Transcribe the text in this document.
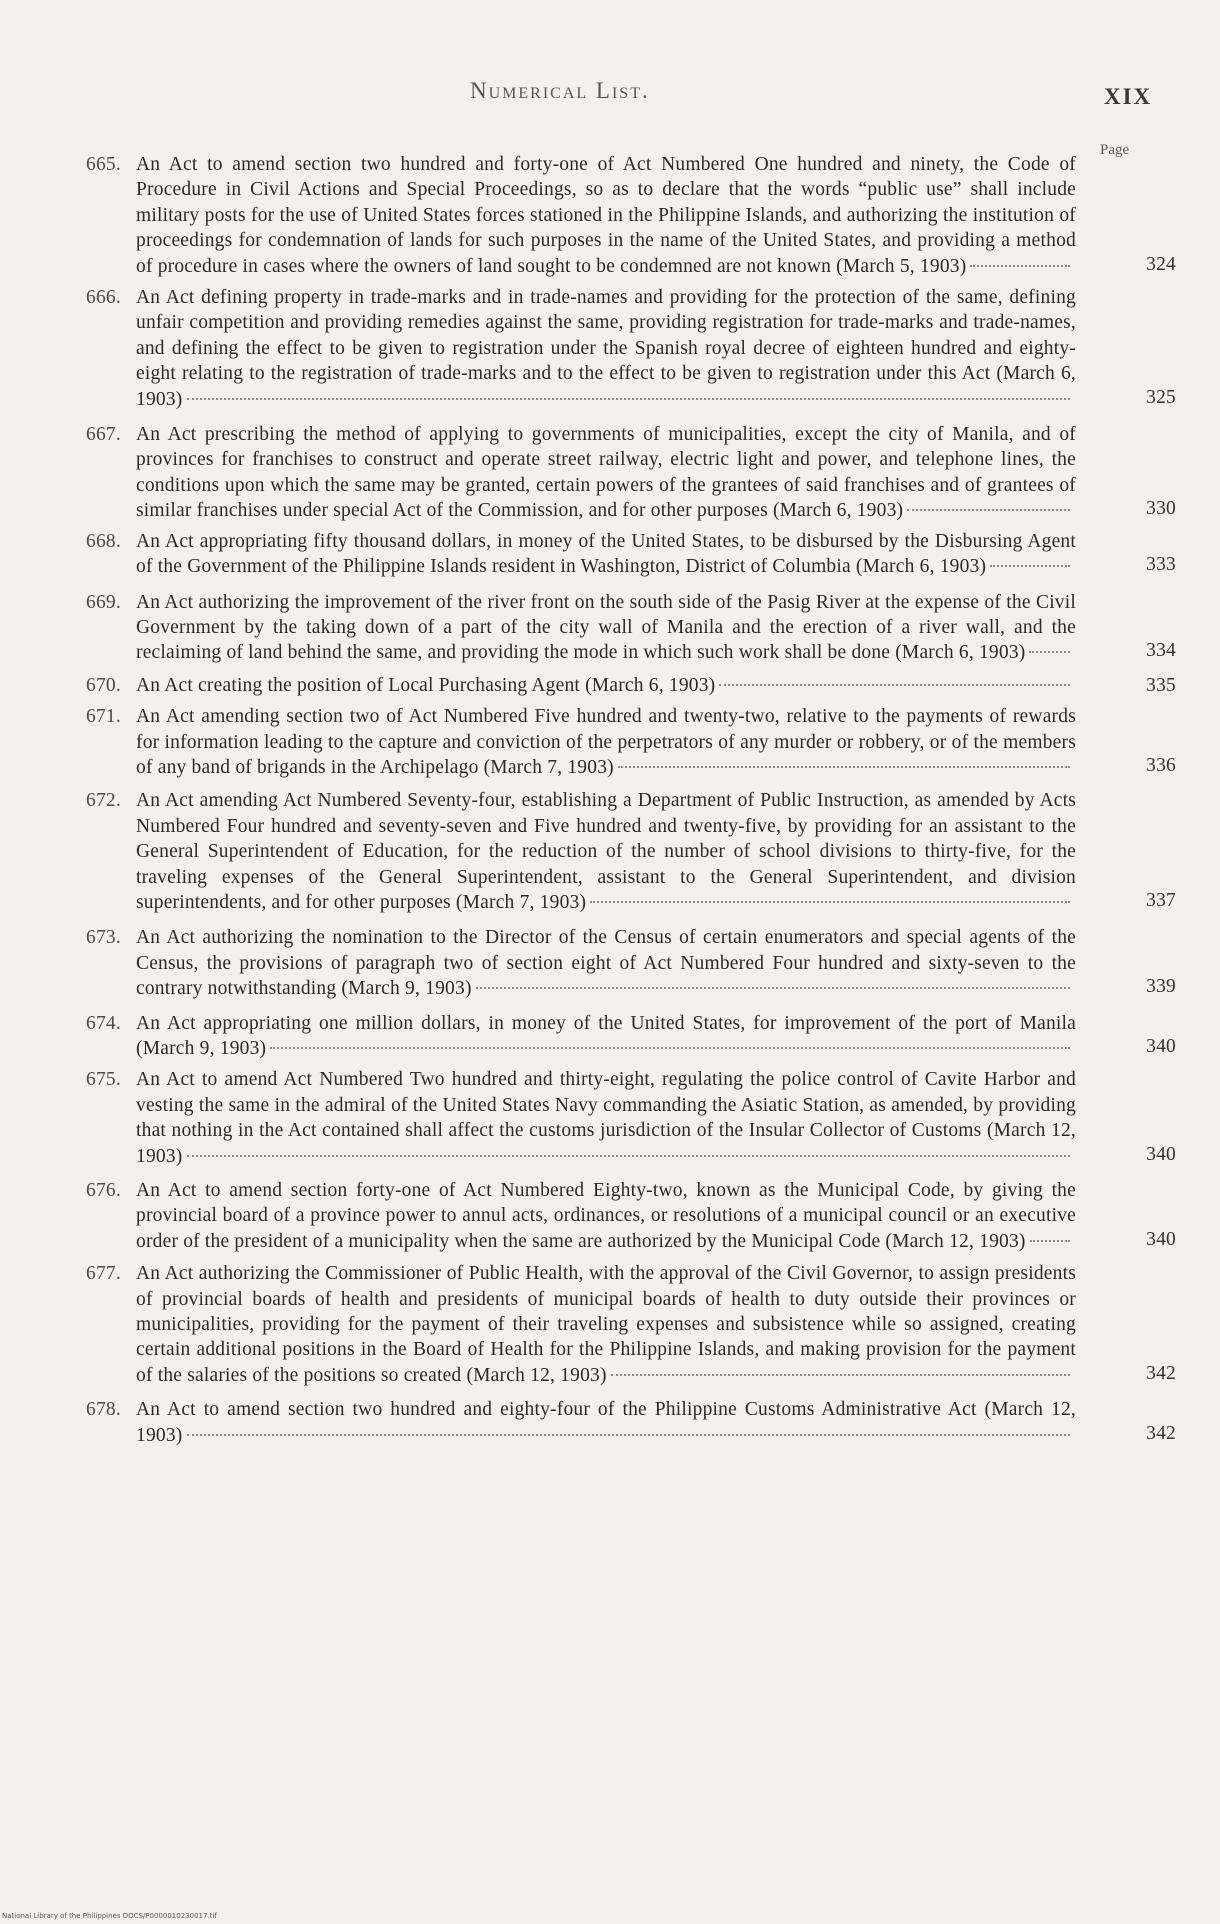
Numerical List.	XIX
Page
665. An Act to amend section two hundred and forty-one of Act Numbered One hundred and ninety, the Code of Procedure in Civil Actions and Special Proceedings, so as to declare that the words “public use” shall include military posts for the use of United States forces stationed in the Philippine Islands, and authorizing the institution of proceedings for condemnation of lands for such purposes in the name of the United States, and providing a method of procedure in cases where the owners of land sought to be condemned are not known (March 5, 1903)	324
666. An Act defining property in trade-marks and in trade-names and providing for the protection of the same, defining unfair competition and providing remedies against the same, providing registration for trade-marks and trade-names, and defining the effect to be given to registration under the Spanish royal decree of eighteen hundred and eighty-eight relating to the registration of trade-marks and to the effect to be given to registration under this Act (March 6, 1903)	325
667. An Act prescribing the method of applying to governments of municipalities, except the city of Manila, and of provinces for franchises to construct and operate street railway, electric light and power, and telephone lines, the conditions upon which the same may be granted, certain powers of the grantees of said franchises and of grantees of similar franchises under special Act of the Commission, and for other purposes (March 6, 1903)	330
668. An Act appropriating fifty thousand dollars, in money of the United States, to be disbursed by the Disbursing Agent of the Government of the Philippine Islands resident in Washington, District of Columbia (March 6, 1903)	333
669. An Act authorizing the improvement of the river front on the south side of the Pasig River at the expense of the Civil Government by the taking down of a part of the city wall of Manila and the erection of a river wall, and the reclaiming of land behind the same, and providing the mode in which such work shall be done (March 6, 1903)	334
670. An Act creating the position of Local Purchasing Agent (March 6, 1903)	335
671. An Act amending section two of Act Numbered Five hundred and twenty-two, relative to the payments of rewards for information leading to the capture and conviction of the perpetrators of any murder or robbery, or of the members of any band of brigands in the Archipelago (March 7, 1903)	336
672. An Act amending Act Numbered Seventy-four, establishing a Department of Public Instruction, as amended by Acts Numbered Four hundred and seventy-seven and Five hundred and twenty-five, by providing for an assistant to the General Superintendent of Education, for the reduction of the number of school divisions to thirty-five, for the traveling expenses of the General Superintendent, assistant to the General Superintendent, and division superintendents, and for other purposes (March 7, 1903)	337
673. An Act authorizing the nomination to the Director of the Census of certain enumerators and special agents of the Census, the provisions of paragraph two of section eight of Act Numbered Four hundred and sixty-seven to the contrary notwithstanding (March 9, 1903)	339
674. An Act appropriating one million dollars, in money of the United States, for improvement of the port of Manila (March 9, 1903)	340
675. An Act to amend Act Numbered Two hundred and thirty-eight, regulating the police control of Cavite Harbor and vesting the same in the admiral of the United States Navy commanding the Asiatic Station, as amended, by providing that nothing in the Act contained shall affect the customs jurisdiction of the Insular Collector of Customs (March 12, 1903)	340
676. An Act to amend section forty-one of Act Numbered Eighty-two, known as the Municipal Code, by giving the provincial board of a province power to annul acts, ordinances, or resolutions of a municipal council or an executive order of the president of a municipality when the same are authorized by the Municipal Code (March 12, 1903)	340
677. An Act authorizing the Commissioner of Public Health, with the approval of the Civil Governor, to assign presidents of provincial boards of health and presidents of municipal boards of health to duty outside their provinces or municipalities, providing for the payment of their traveling expenses and subsistence while so assigned, creating certain additional positions in the Board of Health for the Philippine Islands, and making provision for the payment of the salaries of the positions so created (March 12, 1903)	342
678. An Act to amend section two hundred and eighty-four of the Philippine Customs Administrative Act (March 12, 1903)	342
National Library of the Philippines DOCS/P0000010230017.tif
